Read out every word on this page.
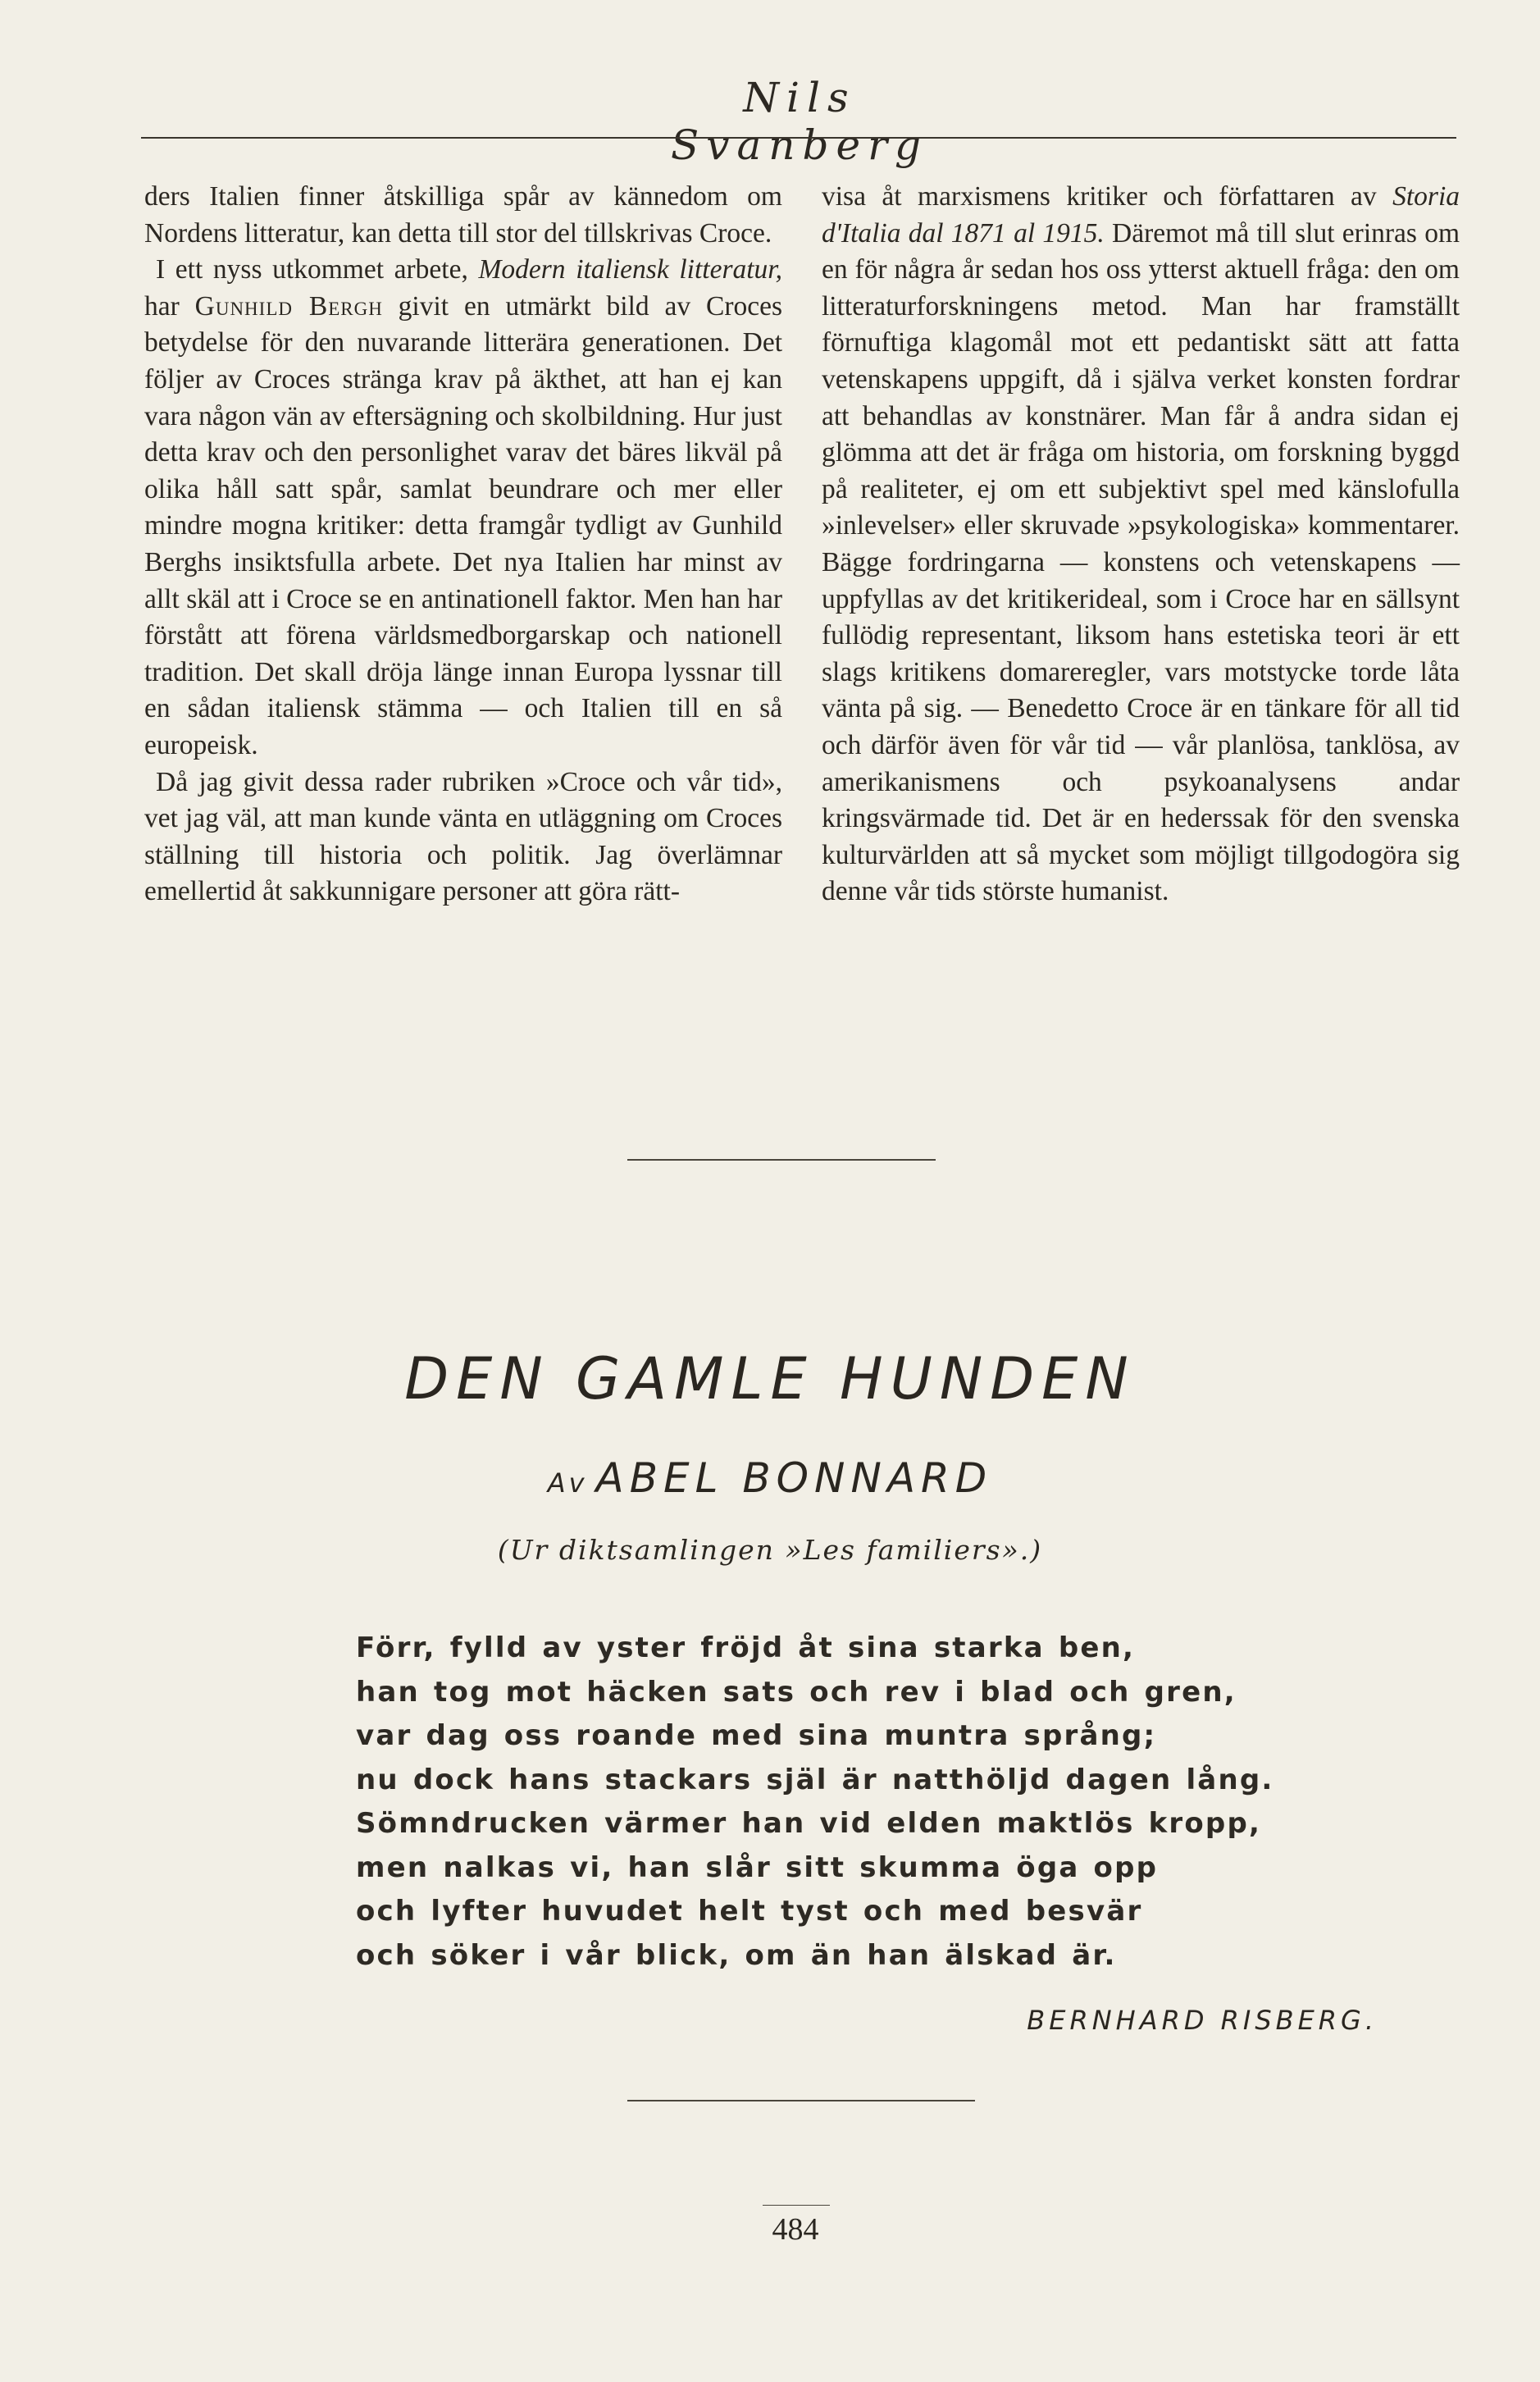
Nils Svanberg

ders Italien finner åtskilliga spår av kännedom om Nordens litteratur, kan detta till stor del tillskrivas Croce.

I ett nyss utkommet arbete, Modern italiensk litteratur, har Gunhild Bergh givit en utmärkt bild av Croces betydelse för den nuvarande litterära generationen. Det följer av Croces stränga krav på äkthet, att han ej kan vara någon vän av eftersägning och skolbildning. Hur just detta krav och den personlighet varav det bäres likväl på olika håll satt spår, samlat beundrare och mer eller mindre mogna kritiker: detta framgår tydligt av Gunhild Berghs insiktsfulla arbete. Det nya Italien har minst av allt skäl att i Croce se en antinationell faktor. Men han har förstått att förena världsmedborgarskap och nationell tradition. Det skall dröja länge innan Europa lyssnar till en sådan italiensk stämma — och Italien till en så europeisk.

Då jag givit dessa rader rubriken »Croce och vår tid», vet jag väl, att man kunde vänta en utläggning om Croces ställning till historia och politik. Jag överlämnar emellertid åt sakkunnigare personer att göra rätt-

visa åt marxismens kritiker och författaren av Storia d'Italia dal 1871 al 1915. Däremot må till slut erinras om en för några år sedan hos oss ytterst aktuell fråga: den om litteraturforskningens metod. Man har framställt förnuftiga klagomål mot ett pedantiskt sätt att fatta vetenskapens uppgift, då i själva verket konsten fordrar att behandlas av konstnärer. Man får å andra sidan ej glömma att det är fråga om historia, om forskning byggd på realiteter, ej om ett subjektivt spel med känslofulla »inlevelser» eller skruvade »psykologiska» kommentarer. Bägge fordringarna — konstens och vetenskapens — uppfyllas av det kritikerideal, som i Croce har en sällsynt fullödig representant, liksom hans estetiska teori är ett slags kritikens domareregler, vars motstycke torde låta vänta på sig. — Benedetto Croce är en tänkare för all tid och därför även för vår tid — vår planlösa, tanklösa, av amerikanismens och psykoanalysens andar kringsvärmade tid. Det är en hederssak för den svenska kulturvärlden att så mycket som möjligt tillgodogöra sig denne vår tids störste humanist.

DEN GAMLE HUNDEN
Av ABEL BONNARD
(Ur diktsamlingen »Les familiers».)
Förr, fylld av yster fröjd åt sina starka ben,
han tog mot häcken sats och rev i blad och gren,
var dag oss roande med sina muntra språng;
nu dock hans stackars själ är natthöljd dagen lång.
Sömndrucken värmer han vid elden maktlös kropp,
men nalkas vi, han slår sitt skumma öga opp
och lyfter huvudet helt tyst och med besvär
och söker i vår blick, om än han älskad är.
BERNHARD RISBERG.
484
